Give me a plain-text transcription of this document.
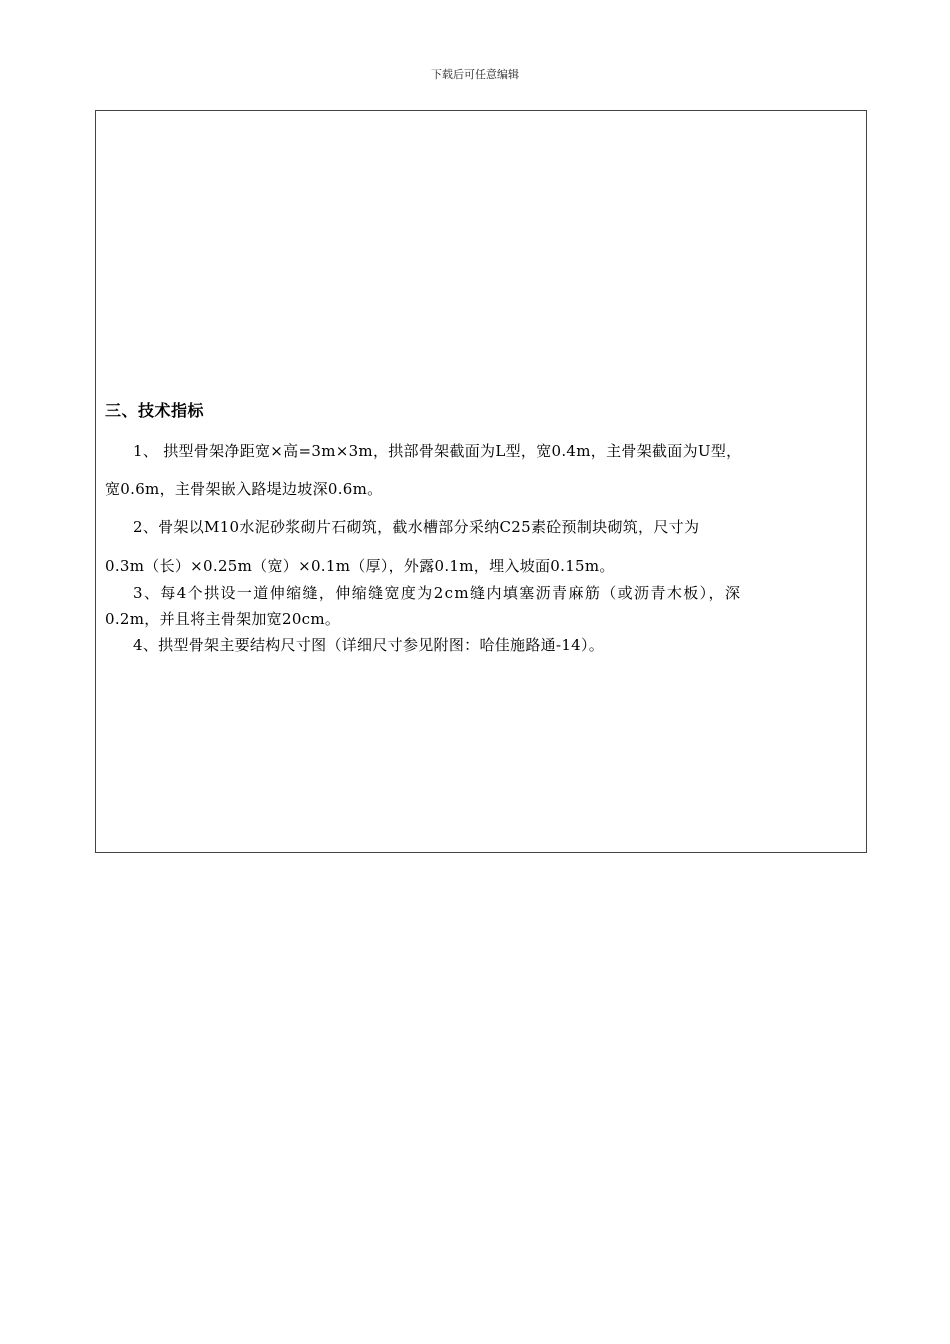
下载后可任意编辑
三、技术指标
1、 拱型骨架净距宽×高=3m×3m，拱部骨架截面为L型，宽0.4m，主骨架截面为U型，
宽0.6m，主骨架嵌入路堤边坡深0.6m。
2、骨架以M10水泥砂浆砌片石砌筑，截水槽部分采纳C25素砼预制块砌筑，尺寸为
0.3m（长）×0.25m（宽）×0.1m（厚），外露0.1m，埋入坡面0.15m。
3、每4个拱设一道伸缩缝，伸缩缝宽度为2cm缝内填塞沥青麻筋（或沥青木板），深
0.2m，并且将主骨架加宽20cm。
4、拱型骨架主要结构尺寸图（详细尺寸参见附图：哈佳施路通-14）。
